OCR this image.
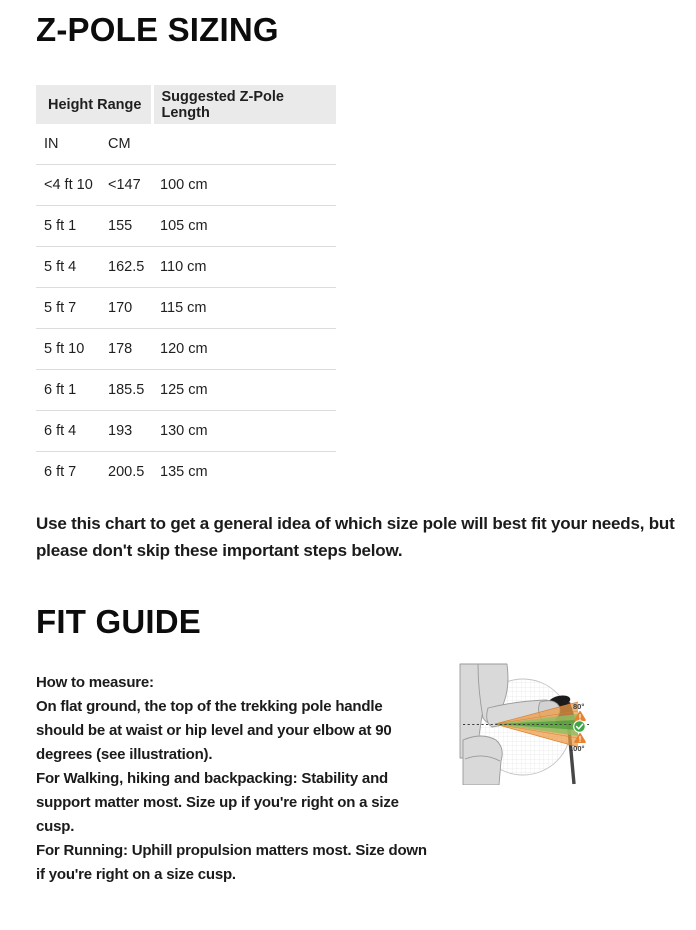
Z-POLE SIZING
Height Range		Suggested Z-Pole Length
IN	CM	
<4 ft 10	<147	100 cm
5 ft 1	155	105 cm
5 ft 4	162.5	110 cm
5 ft 7	170	115 cm
5 ft 10	178	120 cm
6 ft 1	185.5	125 cm
6 ft 4	193	130 cm
6 ft 7	200.5	135 cm
Use this chart to get a general idea of which size pole will best fit your needs, but
please don't skip these important steps below.
FIT GUIDE
How to measure:
On flat ground, the top of the trekking pole handle
should be at waist or hip level and your elbow at 90
degrees (see illustration).
For Walking, hiking and backpacking: Stability and
support matter most. Size up if you're right on a size
cusp.
For Running: Uphill propulsion matters most. Size down
if you're right on a size cusp.
80°
100°
